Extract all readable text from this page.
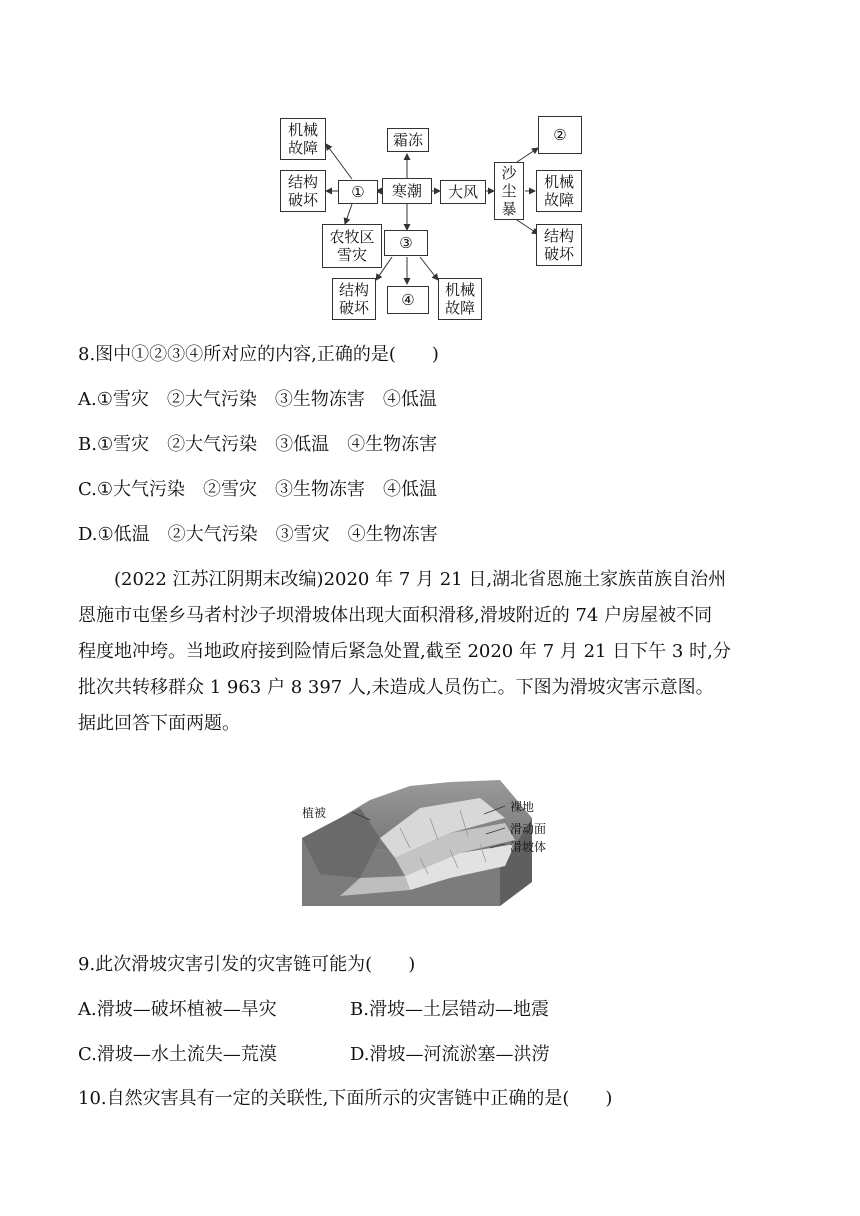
机械
故障
结构
破坏 ①
霜冻
寒潮 大风
沙
尘
暴
②
机械
故障
结构
破坏
农牧区
雪灾
③
结构
破坏 ④
机械
故障
8.图中①②③④所对应的内容,正确的是(　　)
A.①雪灾　②大气污染　③生物冻害　④低温
B.①雪灾　②大气污染　③低温　④生物冻害
C.①大气污染　②雪灾　③生物冻害　④低温
D.①低温　②大气污染　③雪灾　④生物冻害
(2022 江苏江阴期末改编)2020 年 7 月 21 日,湖北省恩施土家族苗族自治州
恩施市屯堡乡马者村沙子坝滑坡体出现大面积滑移,滑坡附近的 74 户房屋被不同
程度地冲垮。当地政府接到险情后紧急处置,截至 2020 年 7 月 21 日下午 3 时,分
批次共转移群众 1 963 户 8 397 人,未造成人员伤亡。下图为滑坡灾害示意图。
据此回答下面两题。
植被	裸地
滑动面
滑坡体
9.此次滑坡灾害引发的灾害链可能为(　　)
A.滑坡—破坏植被—旱灾	B.滑坡—土层错动—地震
C.滑坡—水土流失—荒漠	D.滑坡—河流淤塞—洪涝
10.自然灾害具有一定的关联性,下面所示的灾害链中正确的是(　　)
